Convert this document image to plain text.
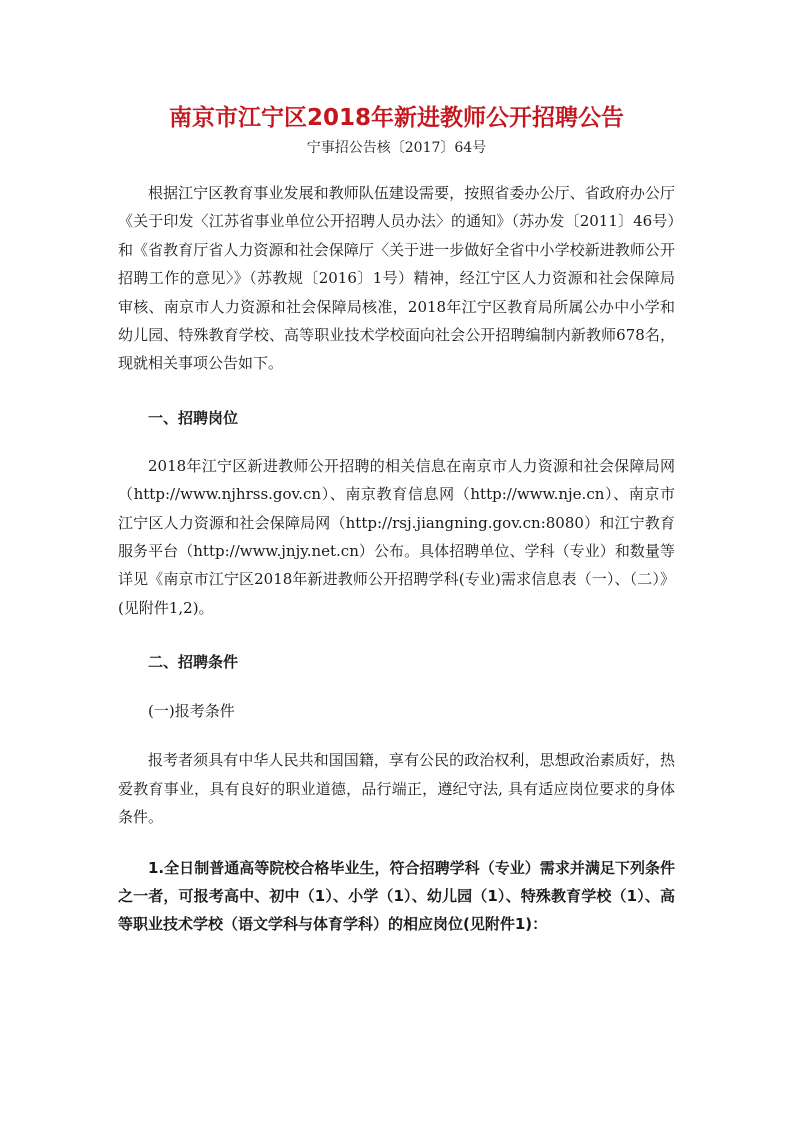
南京市江宁区2018年新进教师公开招聘公告

宁事招公告核〔2017〕64号

根据江宁区教育事业发展和教师队伍建设需要，按照省委办公厅、省政府办公厅《关于印发〈江苏省事业单位公开招聘人员办法〉的通知》（苏办发〔2011〕46号）和《省教育厅省人力资源和社会保障厅〈关于进一步做好全省中小学校新进教师公开招聘工作的意见〉》（苏教规〔2016〕1号）精神，经江宁区人力资源和社会保障局审核、南京市人力资源和社会保障局核准，2018年江宁区教育局所属公办中小学和幼儿园、特殊教育学校、高等职业技术学校面向社会公开招聘编制内新教师678名，现就相关事项公告如下。

一、招聘岗位

2018年江宁区新进教师公开招聘的相关信息在南京市人力资源和社会保障局网（http://www.njhrss.gov.cn）、南京教育信息网（http://www.nje.cn）、南京市江宁区人力资源和社会保障局网（http://rsj.jiangning.gov.cn:8080）和江宁教育服务平台（http://www.jnjy.net.cn）公布。具体招聘单位、学科（专业）和数量等详见《南京市江宁区2018年新进教师公开招聘学科(专业)需求信息表（一）、（二）》(见附件1,2)。

二、招聘条件

(一)报考条件

报考者须具有中华人民共和国国籍，享有公民的政治权利，思想政治素质好，热爱教育事业，具有良好的职业道德，品行端正，遵纪守法, 具有适应岗位要求的身体条件。

1.全日制普通高等院校合格毕业生，符合招聘学科（专业）需求并满足下列条件之一者，可报考高中、初中（1）、小学（1）、幼儿园（1）、特殊教育学校（1）、高等职业技术学校（语文学科与体育学科）的相应岗位(见附件1)：
